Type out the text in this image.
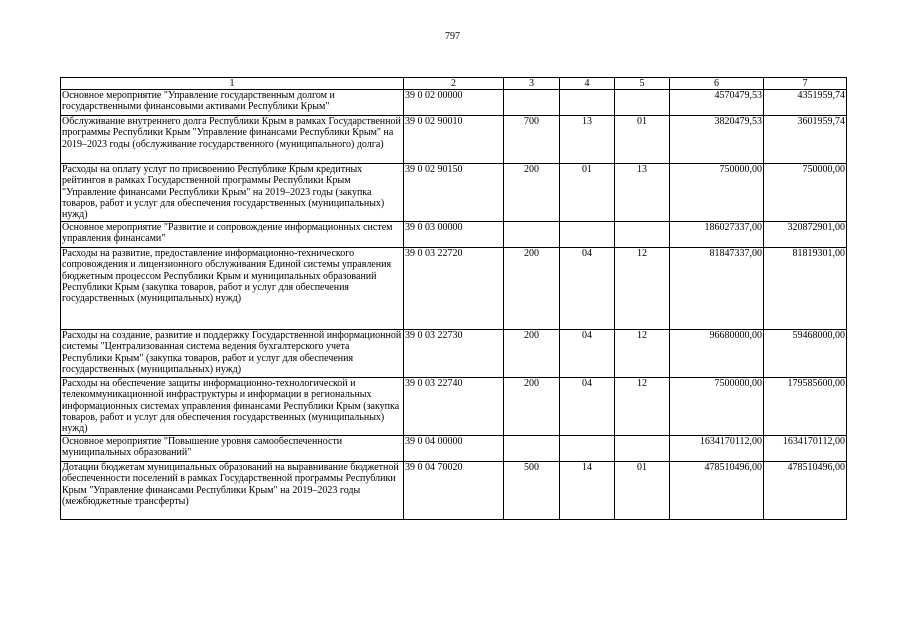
797
1	2	3	4	5	6	7
Основное мероприятие "Управление государственным долгом и государственными финансовыми активами Республики Крым"	39 0 02 00000				4570479,53	4351959,74
Обслуживание внутреннего долга Республики Крым в рамках Государственной программы Республики Крым "Управление финансами Республики Крым" на 2019–2023 годы (обслуживание государственного (муниципального) долга)	39 0 02 90010	700	13	01	3820479,53	3601959,74
Расходы на оплату услуг по присвоению Республике Крым кредитных рейтингов в рамках Государственной программы Республики Крым "Управление финансами Республики Крым" на 2019–2023 годы (закупка товаров, работ и услуг для обеспечения государственных (муниципальных) нужд)	39 0 02 90150	200	01	13	750000,00	750000,00
Основное мероприятие "Развитие и сопровождение информационных систем управления финансами"	39 0 03 00000				186027337,00	320872901,00
Расходы на развитие, предоставление информационно-технического сопровождения и лицензионного обслуживания Единой системы управления бюджетным процессом Республики Крым и муниципальных образований Республики Крым (закупка товаров, работ и услуг для обеспечения государственных (муниципальных) нужд)	39 0 03 22720	200	04	12	81847337,00	81819301,00
Расходы на создание, развитие и поддержку Государственной информационной системы "Централизованная система ведения бухгалтерского учета Республики Крым" (закупка товаров, работ и услуг для обеспечения государственных (муниципальных) нужд)	39 0 03 22730	200	04	12	96680000,00	59468000,00
Расходы на обеспечение защиты информационно-технологической и телекоммуникационной инфраструктуры и информации в региональных информационных системах управления финансами Республики Крым (закупка товаров, работ и услуг для обеспечения государственных (муниципальных) нужд)	39 0 03 22740	200	04	12	7500000,00	179585600,00
Основное мероприятие "Повышение уровня самообеспеченности муниципальных образований"	39 0 04 00000				1634170112,00	1634170112,00
Дотации бюджетам муниципальных образований на выравнивание бюджетной обеспеченности поселений в рамках Государственной программы Республики Крым "Управление финансами Республики Крым" на 2019–2023 годы (межбюджетные трансферты)	39 0 04 70020	500	14	01	478510496,00	478510496,00
